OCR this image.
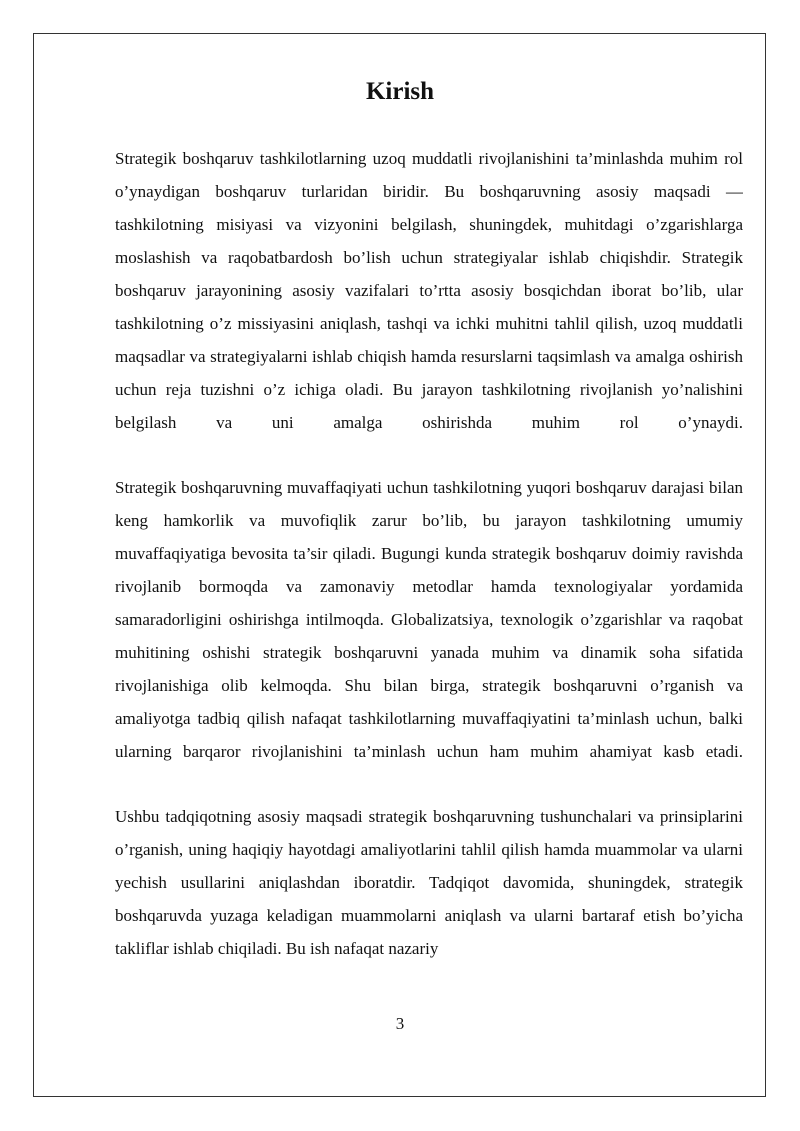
Kirish

Strategik boshqaruv tashkilotlarning uzoq muddatli rivojlanishini ta’minlashda muhim rol o’ynaydigan boshqaruv turlaridan biridir. Bu boshqaruvning asosiy maqsadi — tashkilotning misiyasi va vizyonini belgilash, shuningdek, muhitdagi o’zgarishlarga moslashish va raqobatbardosh bo’lish uchun strategiyalar ishlab chiqishdir. Strategik boshqaruv jarayonining asosiy vazifalari to’rtta asosiy bosqichdan iborat bo’lib, ular tashkilotning o’z missiyasini aniqlash, tashqi va ichki muhitni tahlil qilish, uzoq muddatli maqsadlar va strategiyalarni ishlab chiqish hamda resurslarni taqsimlash va amalga oshirish uchun reja tuzishni o’z ichiga oladi. Bu jarayon tashkilotning rivojlanish yo’nalishini belgilash va uni amalga oshirishda muhim rol o’ynaydi.

Strategik boshqaruvning muvaffaqiyati uchun tashkilotning yuqori boshqaruv darajasi bilan keng hamkorlik va muvofiqlik zarur bo’lib, bu jarayon tashkilotning umumiy muvaffaqiyatiga bevosita ta’sir qiladi. Bugungi kunda strategik boshqaruv doimiy ravishda rivojlanib bormoqda va zamonaviy metodlar hamda texnologiyalar yordamida samaradorligini oshirishga intilmoqda. Globalizatsiya, texnologik o’zgarishlar va raqobat muhitining oshishi strategik boshqaruvni yanada muhim va dinamik soha sifatida rivojlanishiga olib kelmoqda. Shu bilan birga, strategik boshqaruvni o’rganish va amaliyotga tadbiq qilish nafaqat tashkilotlarning muvaffaqiyatini ta’minlash uchun, balki ularning barqaror rivojlanishini ta’minlash uchun ham muhim ahamiyat kasb etadi.

Ushbu tadqiqotning asosiy maqsadi strategik boshqaruvning tushunchalari va prinsiplarini o’rganish, uning haqiqiy hayotdagi amaliyotlarini tahlil qilish hamda muammolar va ularni yechish usullarini aniqlashdan iboratdir. Tadqiqot davomida, shuningdek, strategik boshqaruvda yuzaga keladigan muammolarni aniqlash va ularni bartaraf etish bo’yicha takliflar ishlab chiqiladi. Bu ish nafaqat nazariy

3
